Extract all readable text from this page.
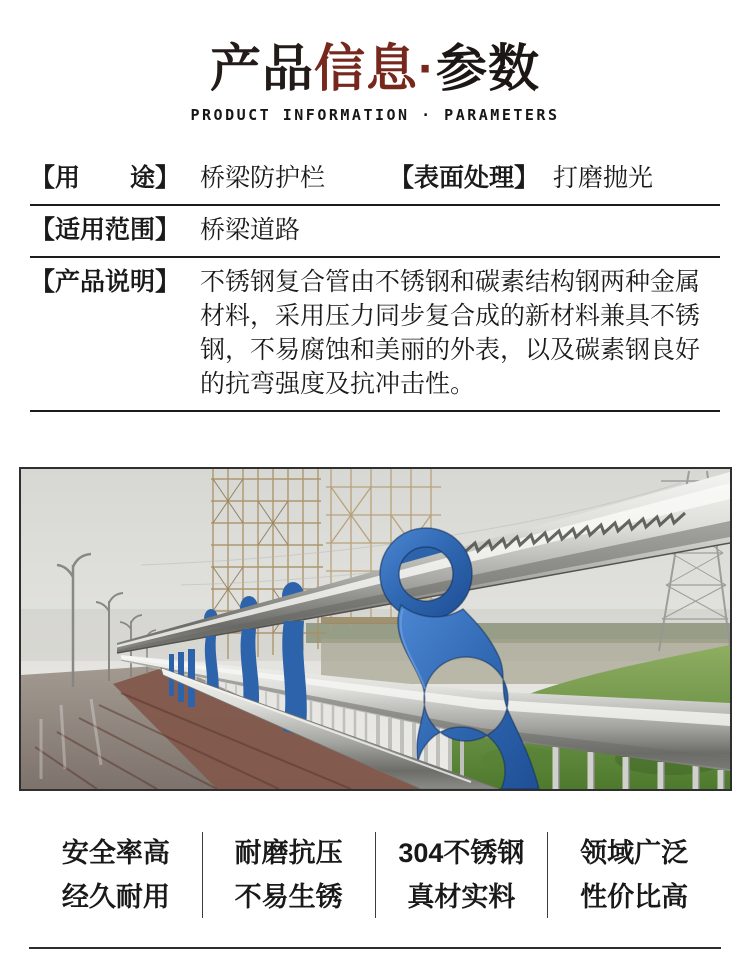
产品信息·参数
PRODUCT INFORMATION · PARAMETERS
【用　　途】 桥梁防护栏	【表面处理】 打磨抛光
【适用范围】 桥梁道路
【产品说明】 不锈钢复合管由不锈钢和碳素结构钢两种金属材料，采用压力同步复合成的新材料兼具不锈钢，不易腐蚀和美丽的外表，以及碳素钢良好的抗弯强度及抗冲击性。
安全率高
经久耐用
耐磨抗压
不易生锈
304不锈钢
真材实料
领域广泛
性价比高
